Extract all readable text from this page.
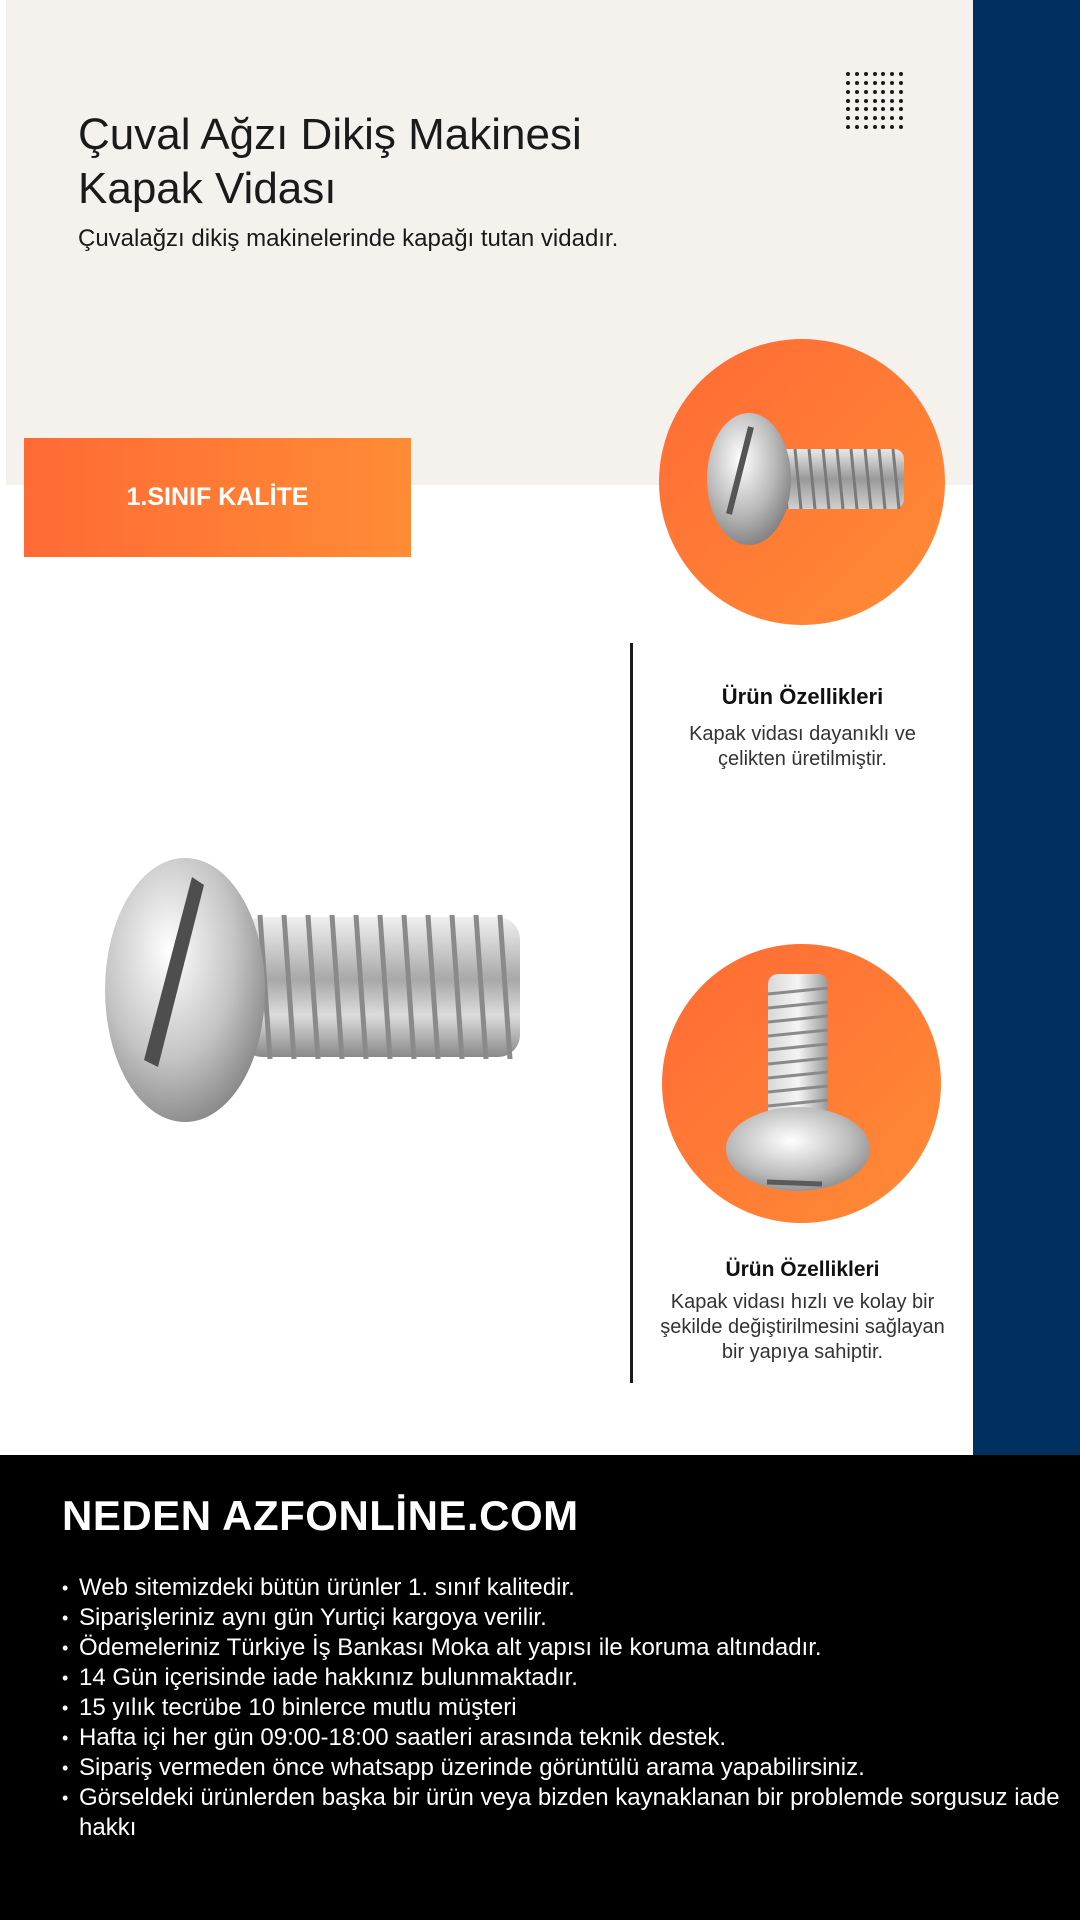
Çuval Ağzı Dikiş Makinesi Kapak Vidası

Çuvalağzı dikiş makinelerinde kapağı tutan vidadır.

1.SINIF KALİTE
Ürün Özellikleri

Kapak vidası dayanıklı ve çelikten üretilmiştir.

Ürün Özellikleri

Kapak vidası hızlı ve kolay bir şekilde değiştirilmesini sağlayan bir yapıya sahiptir.

NEDEN AZFONLİNE.COM
• Web sitemizdeki bütün ürünler 1. sınıf kalitedir.
• Siparişleriniz aynı gün Yurtiçi kargoya verilir.
• Ödemeleriniz Türkiye İş Bankası Moka alt yapısı ile koruma altındadır.
• 14 Gün içerisinde iade hakkınız bulunmaktadır.
• 15 yılık tecrübe 10 binlerce mutlu müşteri
• Hafta içi her gün 09:00-18:00 saatleri arasında teknik destek.
• Sipariş vermeden önce whatsapp üzerinde görüntülü arama yapabilirsiniz.
• Görseldeki ürünlerden başka bir ürün veya bizden kaynaklanan bir problemde sorgusuz iade hakkı
